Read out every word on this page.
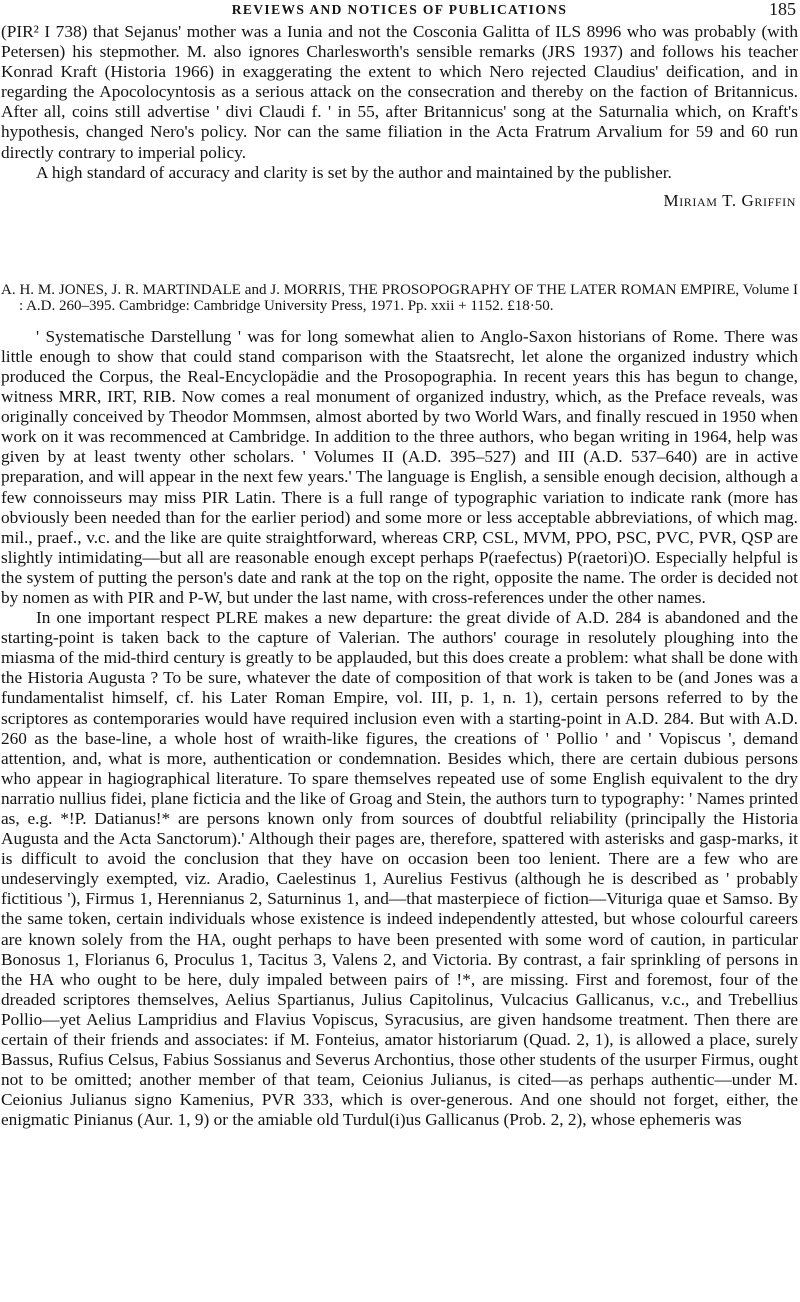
REVIEWS AND NOTICES OF PUBLICATIONS	185

(PIR² I 738) that Sejanus' mother was a Iunia and not the Cosconia Galitta of ILS 8996 who was probably (with Petersen) his stepmother. M. also ignores Charlesworth's sensible remarks (JRS 1937) and follows his teacher Konrad Kraft (Historia 1966) in exaggerating the extent to which Nero rejected Claudius' deification, and in regarding the Apocolocyntosis as a serious attack on the consecration and thereby on the faction of Britannicus. After all, coins still advertise ' divi Claudi f. ' in 55, after Britannicus' song at the Saturnalia which, on Kraft's hypothesis, changed Nero's policy. Nor can the same filiation in the Acta Fratrum Arvalium for 59 and 60 run directly contrary to imperial policy.

A high standard of accuracy and clarity is set by the author and maintained by the publisher.

Miriam T. Griffin

A. H. M. JONES, J. R. MARTINDALE and J. MORRIS, THE PROSOPOGRAPHY OF THE LATER ROMAN EMPIRE, Volume I : A.D. 260–395. Cambridge: Cambridge University Press, 1971. Pp. xxii + 1152. £18·50.

' Systematische Darstellung ' was for long somewhat alien to Anglo-Saxon historians of Rome. There was little enough to show that could stand comparison with the Staatsrecht, let alone the organized industry which produced the Corpus, the Real-Encyclopädie and the Prosopographia. In recent years this has begun to change, witness MRR, IRT, RIB. Now comes a real monument of organized industry, which, as the Preface reveals, was originally conceived by Theodor Mommsen, almost aborted by two World Wars, and finally rescued in 1950 when work on it was recommenced at Cambridge. In addition to the three authors, who began writing in 1964, help was given by at least twenty other scholars. ' Volumes II (A.D. 395–527) and III (A.D. 537–640) are in active preparation, and will appear in the next few years.' The language is English, a sensible enough decision, although a few connoisseurs may miss PIR Latin. There is a full range of typographic variation to indicate rank (more has obviously been needed than for the earlier period) and some more or less acceptable abbreviations, of which mag. mil., praef., v.c. and the like are quite straightforward, whereas CRP, CSL, MVM, PPO, PSC, PVC, PVR, QSP are slightly intimidating—but all are reasonable enough except perhaps P(raefectus) P(raetori)O. Especially helpful is the system of putting the person's date and rank at the top on the right, opposite the name. The order is decided not by nomen as with PIR and P-W, but under the last name, with cross-references under the other names.

In one important respect PLRE makes a new departure: the great divide of A.D. 284 is abandoned and the starting-point is taken back to the capture of Valerian. The authors' courage in resolutely ploughing into the miasma of the mid-third century is greatly to be applauded, but this does create a problem: what shall be done with the Historia Augusta ? To be sure, whatever the date of composition of that work is taken to be (and Jones was a fundamentalist himself, cf. his Later Roman Empire, vol. III, p. 1, n. 1), certain persons referred to by the scriptores as contemporaries would have required inclusion even with a starting-point in A.D. 284. But with A.D. 260 as the base-line, a whole host of wraith-like figures, the creations of ' Pollio ' and ' Vopiscus ', demand attention, and, what is more, authentication or condemnation. Besides which, there are certain dubious persons who appear in hagiographical literature. To spare themselves repeated use of some English equivalent to the dry narratio nullius fidei, plane ficticia and the like of Groag and Stein, the authors turn to typography: ' Names printed as, e.g. *!P. Datianus!* are persons known only from sources of doubtful reliability (principally the Historia Augusta and the Acta Sanctorum).' Although their pages are, therefore, spattered with asterisks and gasp-marks, it is difficult to avoid the conclusion that they have on occasion been too lenient. There are a few who are undeservingly exempted, viz. Aradio, Caelestinus 1, Aurelius Festivus (although he is described as ' probably fictitious '), Firmus 1, Herennianus 2, Saturninus 1, and—that masterpiece of fiction—Vituriga quae et Samso. By the same token, certain individuals whose existence is indeed independently attested, but whose colourful careers are known solely from the HA, ought perhaps to have been presented with some word of caution, in particular Bonosus 1, Florianus 6, Proculus 1, Tacitus 3, Valens 2, and Victoria. By contrast, a fair sprinkling of persons in the HA who ought to be here, duly impaled between pairs of !*, are missing. First and foremost, four of the dreaded scriptores themselves, Aelius Spartianus, Julius Capitolinus, Vulcacius Gallicanus, v.c., and Trebellius Pollio—yet Aelius Lampridius and Flavius Vopiscus, Syracusius, are given handsome treatment. Then there are certain of their friends and associates: if M. Fonteius, amator historiarum (Quad. 2, 1), is allowed a place, surely Bassus, Rufius Celsus, Fabius Sossianus and Severus Archontius, those other students of the usurper Firmus, ought not to be omitted; another member of that team, Ceionius Julianus, is cited—as perhaps authentic—under M. Ceionius Julianus signo Kamenius, PVR 333, which is over-generous. And one should not forget, either, the enigmatic Pinianus (Aur. 1, 9) or the amiable old Turdul(i)us Gallicanus (Prob. 2, 2), whose ephemeris was
